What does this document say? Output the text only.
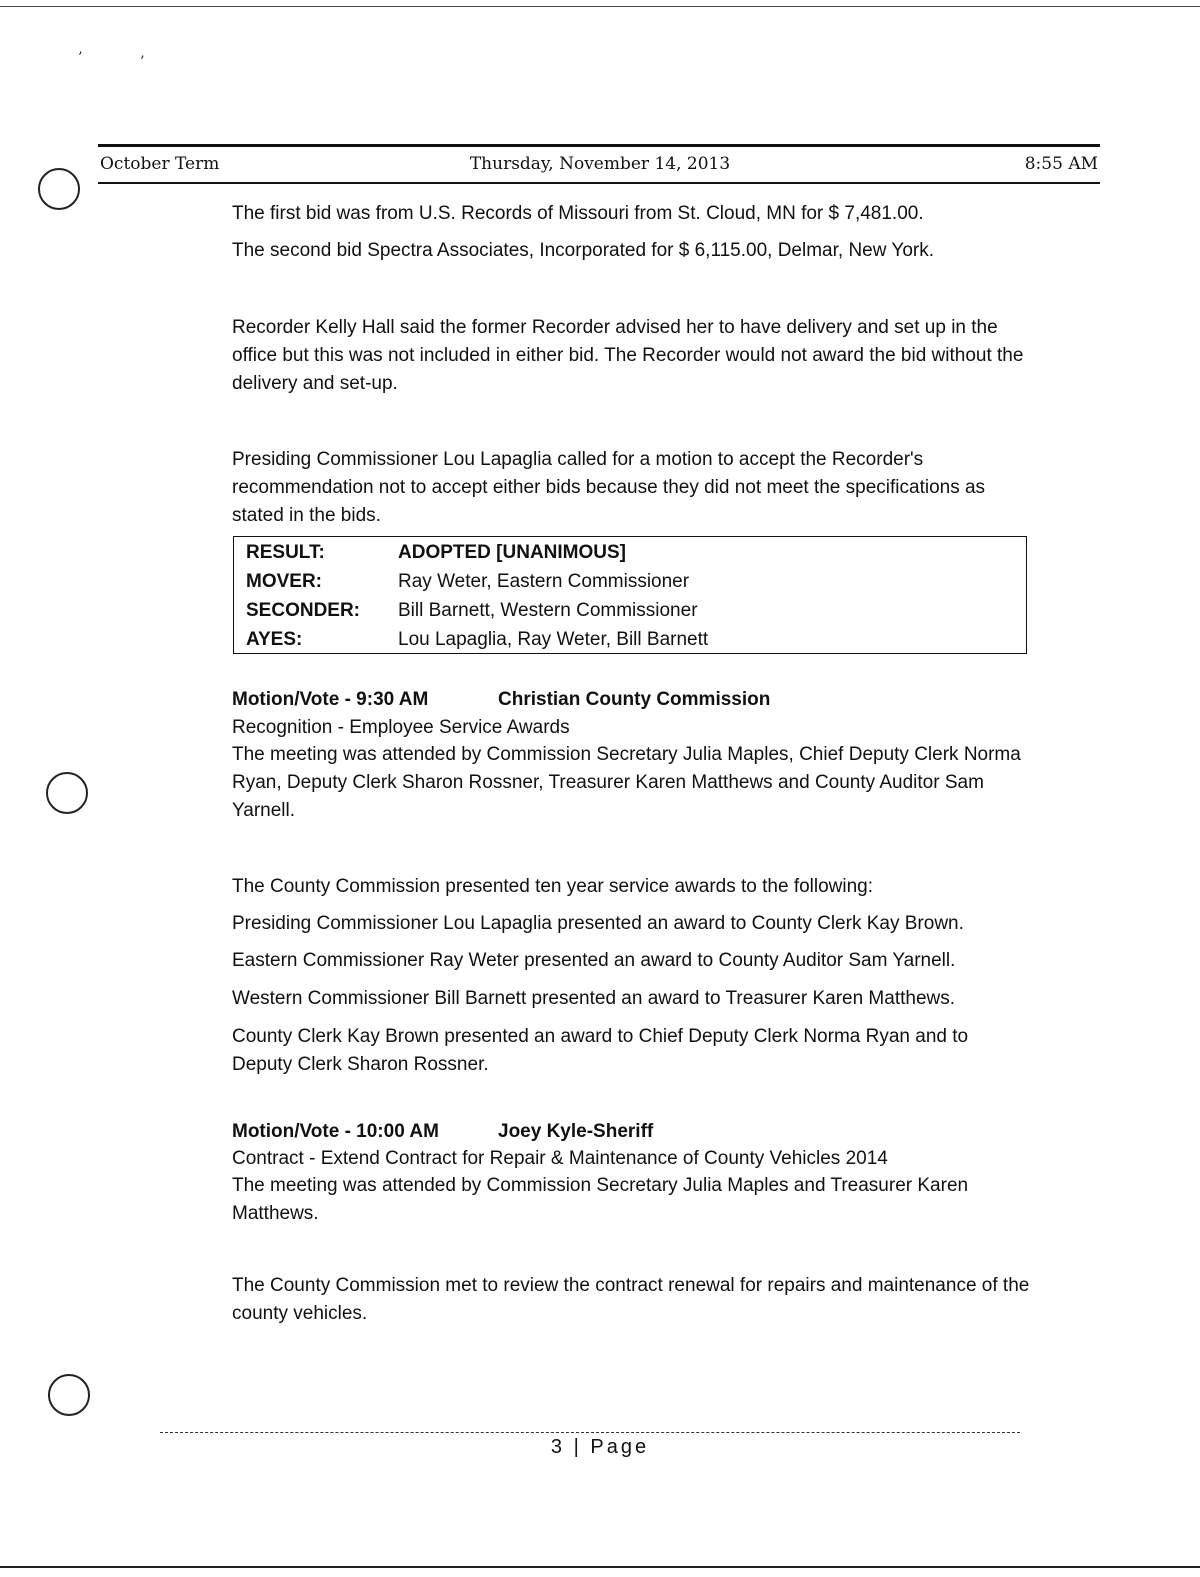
’	’
October Term	Thursday, November 14, 2013	8:55 AM
The first bid was from U.S. Records of Missouri from St. Cloud, MN for $ 7,481.00.
The second bid Spectra Associates, Incorporated for $ 6,115.00, Delmar, New York.
Recorder Kelly Hall said the former Recorder advised her to have delivery and set up in the office but this was not included in either bid. The Recorder would not award the bid without the delivery and set-up.
Presiding Commissioner Lou Lapaglia called for a motion to accept the Recorder's recommendation not to accept either bids because they did not meet the specifications as stated in the bids.
RESULT:	ADOPTED [UNANIMOUS]
MOVER:	Ray Weter, Eastern Commissioner
SECONDER:	Bill Barnett, Western Commissioner
AYES:	Lou Lapaglia, Ray Weter, Bill Barnett
Motion/Vote - 9:30 AM	Christian County Commission
Recognition - Employee Service Awards
The meeting was attended by Commission Secretary Julia Maples, Chief Deputy Clerk Norma Ryan, Deputy Clerk Sharon Rossner, Treasurer Karen Matthews and County Auditor Sam Yarnell.
The County Commission presented ten year service awards to the following:
Presiding Commissioner Lou Lapaglia presented an award to County Clerk Kay Brown.
Eastern Commissioner Ray Weter presented an award to County Auditor Sam Yarnell.
Western Commissioner Bill Barnett presented an award to Treasurer Karen Matthews.
County Clerk Kay Brown presented an award to Chief Deputy Clerk Norma Ryan and to Deputy Clerk Sharon Rossner.
Motion/Vote - 10:00 AM	Joey Kyle-Sheriff
Contract - Extend Contract for Repair & Maintenance of County Vehicles 2014
The meeting was attended by Commission Secretary Julia Maples and Treasurer Karen Matthews.
The County Commission met to review the contract renewal for repairs and maintenance of the county vehicles.
3 | Page
